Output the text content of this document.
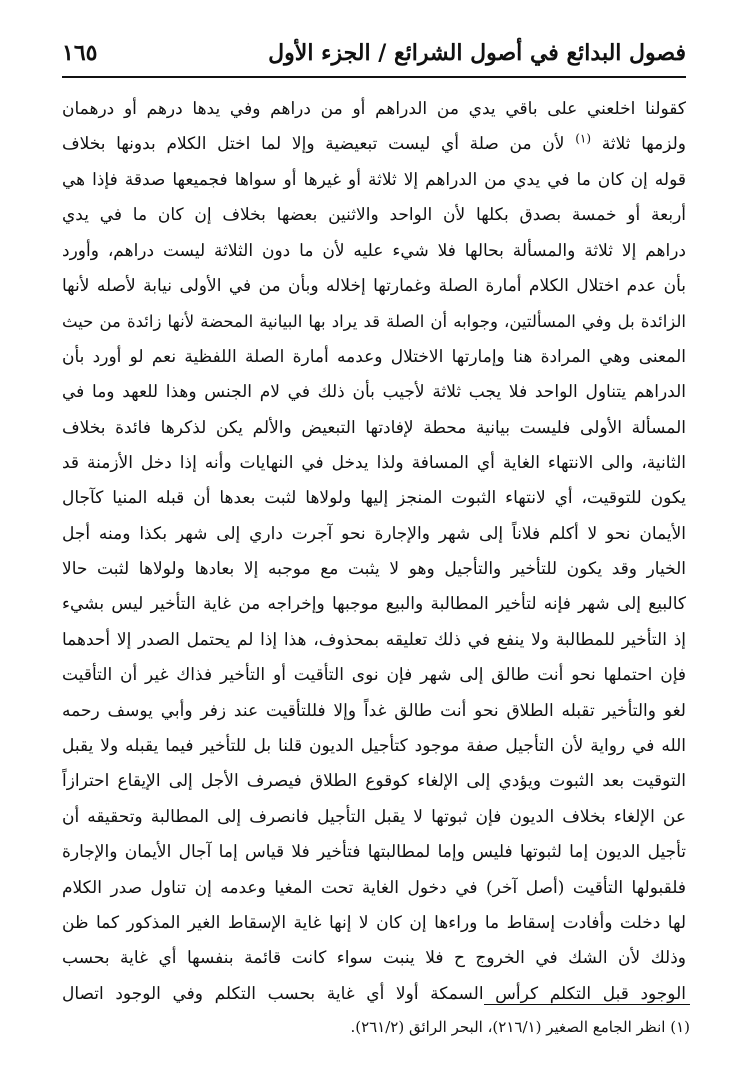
فصول البدائع في أصول الشرائع / الجزء الأول
١٦٥
كقولنا اخلعني على باقي يدي من الدراهم أو من دراهم وفي يدها درهم أو درهمان
ولزمها ثلاثة $^{(١)}$ لأن من صلة أي ليست تبعيضية وإلا لما اختل الكلام بدونها بخلاف
قوله إن كان ما في يدي من الدراهم إلا ثلاثة أو غيرها أو سواها فجميعها صدقة فإذا هي
أربعة أو خمسة بصدق بكلها لأن الواحد والاثنين بعضها بخلاف إن كان ما في يدي
دراهم إلا ثلاثة والمسألة بحالها فلا شيء عليه لأن ما دون الثلاثة ليست دراهم، وأورد
بأن عدم اختلال الكلام أمارة الصلة وغمارتها إخلاله وبأن من في الأولى نيابة لأصله لأنها
الزائدة بل وفي المسألتين، وجوابه أن الصلة قد يراد بها البيانية المحضة لأنها زائدة من حيث
المعنى وهي المرادة هنا وإمارتها الاختلال وعدمه أمارة الصلة اللفظية نعم لو أورد بأن
الدراهم يتناول الواحد فلا يجب ثلاثة لأجيب بأن ذلك في لام الجنس وهذا للعهد وما في
المسألة الأولى فليست بيانية محطة لإفادتها التبعيض والألم يكن لذكرها فائدة بخلاف
الثانية، والى الانتهاء الغاية أي المسافة ولذا يدخل في النهايات وأنه إذا دخل الأزمنة قد
يكون للتوقيت، أي لانتهاء الثبوت المنجز إليها ولولاها لثبت بعدها أن قبله المنيا كآجال
الأيمان نحو لا أكلم فلاناً إلى شهر والإجارة نحو آجرت داري إلى شهر بكذا ومنه أجل
الخيار وقد يكون للتأخير والتأجيل وهو لا يثبت مع موجبه إلا بعادها ولولاها لثبت حالا
كالبيع إلى شهر فإنه لتأخير المطالبة والبيع موجبها وإخراجه من غاية التأخير ليس بشيء
إذ التأخير للمطالبة ولا ينفع في ذلك تعليقه بمحذوف، هذا إذا لم يحتمل الصدر إلا أحدهما
فإن احتملها نحو أنت طالق إلى شهر فإن نوى التأقيت أو التأخير فذاك غير أن التأقيت
لغو والتأخير تقبله الطلاق نحو أنت طالق غداً وإلا فللتأقيت عند زفر وأبي يوسف رحمه
الله في رواية لأن التأجيل صفة موجود كتأجيل الديون قلنا بل للتأخير فيما يقبله ولا يقبل
التوقيت بعد الثبوت ويؤدي إلى الإلغاء كوقوع الطلاق فيصرف الأجل إلى الإيقاع احترازاً
عن الإلغاء بخلاف الديون فإن ثبوتها لا يقبل التأجيل فانصرف إلى المطالبة وتحقيقه أن
تأجيل الديون إما لثبوتها فليس وإما لمطالبتها فتأخير فلا قياس إما آجال الأيمان والإجارة
فلقبولها التأقيت (أصل آخر) في دخول الغاية تحت المغيا وعدمه إن تناول صدر الكلام
لها دخلت وأفادت إسقاط ما وراءها إن كان لا إنها غاية الإسقاط الغير المذكور كما ظن
وذلك لأن الشك في الخروج ح فلا ينبت سواء كانت قائمة بنفسها أي غاية بحسب
الوجود قبل التكلم كرأس السمكة أولا أي غاية بحسب التكلم وفي الوجود اتصال
(١) انظر الجامع الصغير (٢١٦/١)، البحر الرائق (٢٦١/٢).
